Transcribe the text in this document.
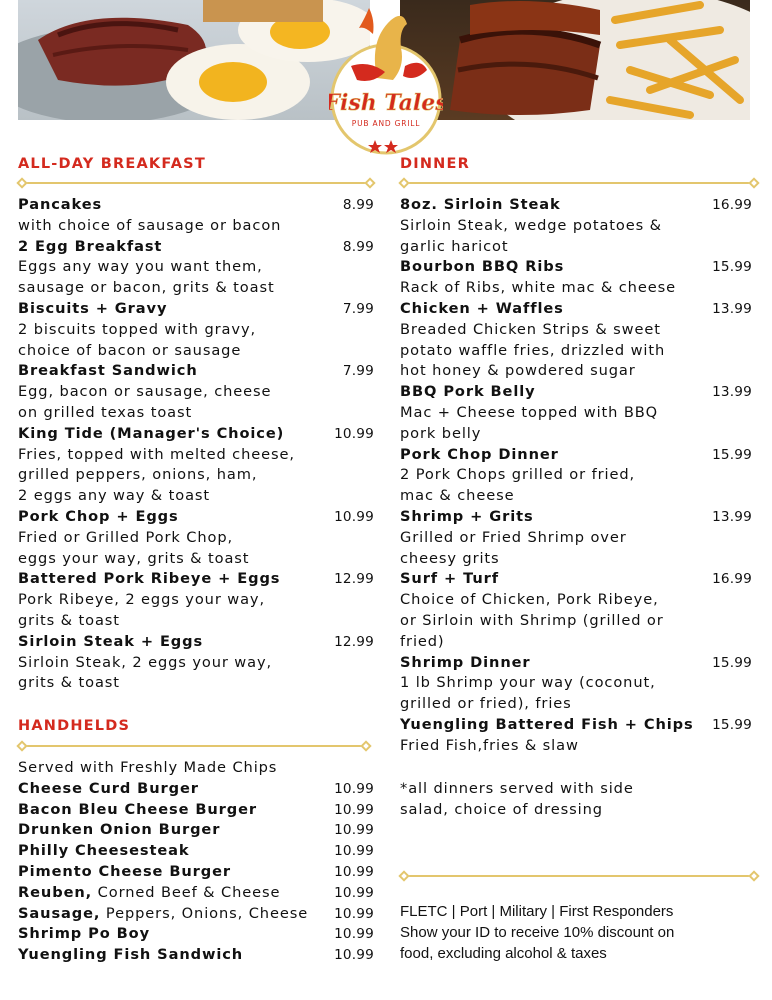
Fish Tales
PUB AND GRILL
ALL-DAY BREAKFAST	DINNER
HANDHELDS
Pancakes	8.99
with choice of sausage or bacon
2 Egg Breakfast	8.99
Eggs any way you want them,
sausage or bacon, grits & toast
Biscuits + Gravy	7.99
2 biscuits topped with gravy,
choice of bacon or sausage
Breakfast Sandwich	7.99
Egg, bacon or sausage, cheese
on grilled texas toast
King Tide (Manager's Choice)	10.99
Fries, topped with melted cheese,
grilled peppers, onions, ham,
2 eggs any way & toast
Pork Chop + Eggs	10.99
Fried or Grilled Pork Chop,
eggs your way, grits & toast
Battered Pork Ribeye + Eggs	12.99
Pork Ribeye, 2 eggs your way,
grits & toast
Sirloin Steak + Eggs	12.99
Sirloin Steak, 2 eggs your way,
grits & toast
Served with Freshly Made Chips
Cheese Curd Burger	10.99
Bacon Bleu Cheese Burger	10.99
Drunken Onion Burger	10.99
Philly Cheesesteak	10.99
Pimento Cheese Burger	10.99
Reuben, Corned Beef & Cheese	10.99
Sausage, Peppers, Onions, Cheese 10.99
Shrimp Po Boy	10.99
Yuengling Fish Sandwich	10.99
8oz. Sirloin Steak	16.99
Sirloin Steak, wedge potatoes &
garlic haricot
Bourbon BBQ Ribs	15.99
Rack of Ribs, white mac & cheese
Chicken + Waffles	13.99
Breaded Chicken Strips & sweet
potato waffle fries, drizzled with
hot honey & powdered sugar
BBQ Pork Belly	13.99
Mac + Cheese topped with BBQ
pork belly
Pork Chop Dinner	15.99
2 Pork Chops grilled or fried,
mac & cheese
Shrimp + Grits	13.99
Grilled or Fried Shrimp over
cheesy grits
Surf + Turf	16.99
Choice of Chicken, Pork Ribeye,
or Sirloin with Shrimp (grilled or
fried)
Shrimp Dinner	15.99
1 lb Shrimp your way (coconut,
grilled or fried), fries
Yuengling Battered Fish + Chips 15.99
Fried Fish,fries & slaw
*all dinners served with side
salad, choice of dressing
FLETC | Port | Military | First Responders
Show your ID to receive 10% discount on
food, excluding alcohol & taxes
